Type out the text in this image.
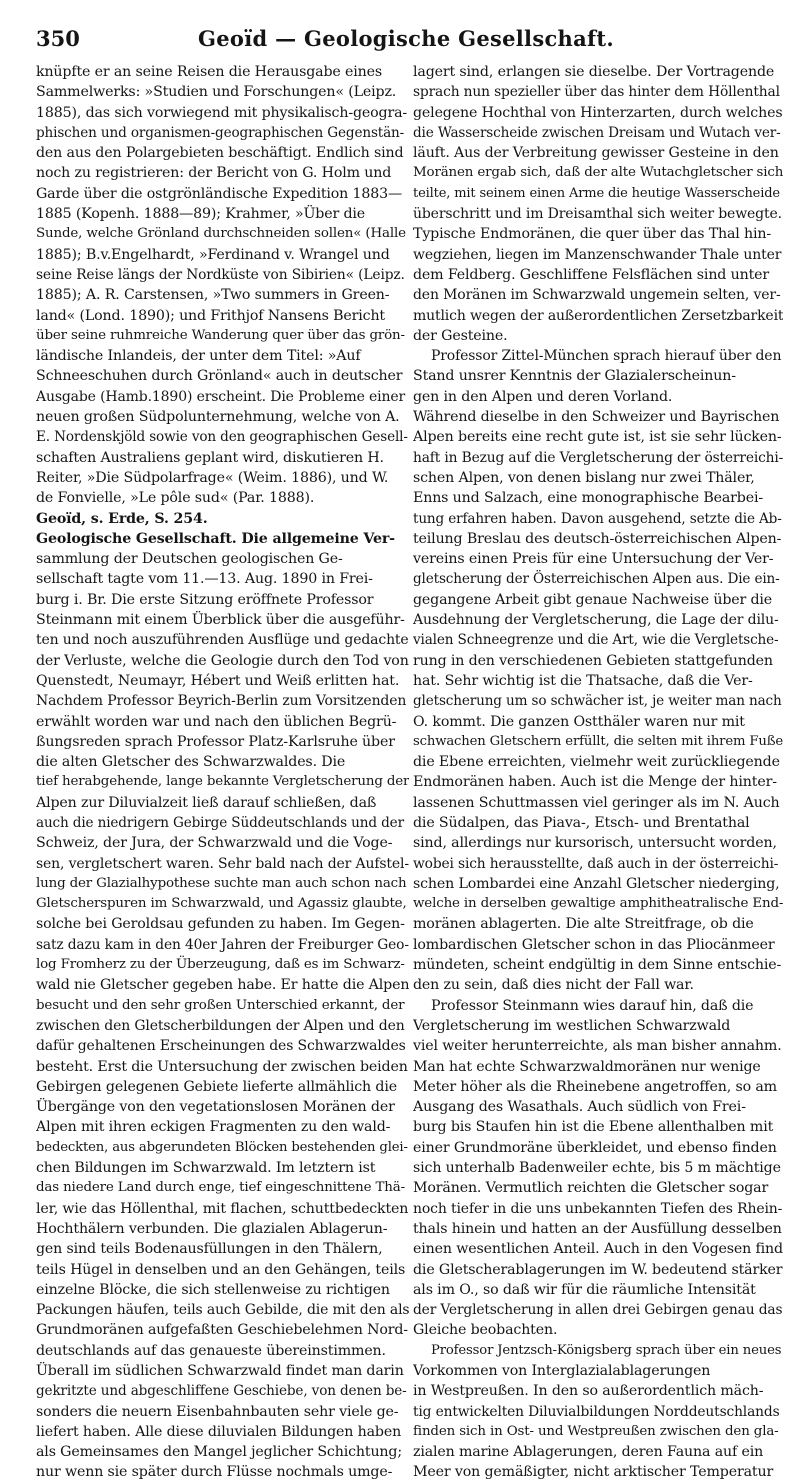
350	Geoïd — Geologische Gesellschaft.
knüpfte er an seine Reisen die Herausgabe eines
Sammelwerks: »Studien und Forschungen« (Leipz.
1885), das sich vorwiegend mit physikalisch-geogra-
phischen und organismen-geographischen Gegenstän-
den aus den Polargebieten beschäftigt. Endlich sind
noch zu registrieren: der Bericht von G. Holm und
Garde über die ostgrönländische Expedition 1883—
1885 (Kopenh. 1888—89); Krahmer, »Über die
Sunde, welche Grönland durchschneiden sollen« (Halle
1885); B.v.Engelhardt, »Ferdinand v. Wrangel und
seine Reise längs der Nordküste von Sibirien« (Leipz.
1885); A. R. Carstensen, »Two summers in Green-
land« (Lond. 1890); und Frithjof Nansens Bericht
über seine ruhmreiche Wanderung quer über das grön-
ländische Inlandeis, der unter dem Titel: »Auf
Schneeschuhen durch Grönland« auch in deutscher
Ausgabe (Hamb.1890) erscheint. Die Probleme einer
neuen großen Südpolunternehmung, welche von A.
E. Nordenskjöld sowie von den geographischen Gesell-
schaften Australiens geplant wird, diskutieren H.
Reiter, »Die Südpolarfrage« (Weim. 1886), und W.
de Fonvielle, »Le pôle sud« (Par. 1888).
Geoïd, s. Erde, S. 254.
Geologische Gesellschaft. Die allgemeine Ver-
sammlung der Deutschen geologischen Ge-
sellschaft tagte vom 11.—13. Aug. 1890 in Frei-
burg i. Br. Die erste Sitzung eröffnete Professor
Steinmann mit einem Überblick über die ausgeführ-
ten und noch auszuführenden Ausflüge und gedachte
der Verluste, welche die Geologie durch den Tod von
Quenstedt, Neumayr, Hébert und Weiß erlitten hat.
Nachdem Professor Beyrich-Berlin zum Vorsitzenden
erwählt worden war und nach den üblichen Begrü-
ßungsreden sprach Professor Platz-Karlsruhe über
die alten Gletscher des Schwarzwaldes. Die
tief herabgehende, lange bekannte Vergletscherung der
Alpen zur Diluvialzeit ließ darauf schließen, daß
auch die niedrigern Gebirge Süddeutschlands und der
Schweiz, der Jura, der Schwarzwald und die Voge-
sen, vergletschert waren. Sehr bald nach der Aufstel-
lung der Glazialhypothese suchte man auch schon nach
Gletscherspuren im Schwarzwald, und Agassiz glaubte,
solche bei Geroldsau gefunden zu haben. Im Gegen-
satz dazu kam in den 40er Jahren der Freiburger Geo-
log Fromherz zu der Überzeugung, daß es im Schwarz-
wald nie Gletscher gegeben habe. Er hatte die Alpen
besucht und den sehr großen Unterschied erkannt, der
zwischen den Gletscherbildungen der Alpen und den
dafür gehaltenen Erscheinungen des Schwarzwaldes
besteht. Erst die Untersuchung der zwischen beiden
Gebirgen gelegenen Gebiete lieferte allmählich die
Übergänge von den vegetationslosen Moränen der
Alpen mit ihren eckigen Fragmenten zu den wald-
bedeckten, aus abgerundeten Blöcken bestehenden glei-
chen Bildungen im Schwarzwald. Im letztern ist
das niedere Land durch enge, tief eingeschnittene Thä-
ler, wie das Höllenthal, mit flachen, schuttbedeckten
Hochthälern verbunden. Die glazialen Ablagerun-
gen sind teils Bodenausfüllungen in den Thälern,
teils Hügel in denselben und an den Gehängen, teils
einzelne Blöcke, die sich stellenweise zu richtigen
Packungen häufen, teils auch Gebilde, die mit den als
Grundmoränen aufgefaßten Geschiebelehmen Nord-
deutschlands auf das genaueste übereinstimmen.
Überall im südlichen Schwarzwald findet man darin
gekritzte und abgeschliffene Geschiebe, von denen be-
sonders die neuern Eisenbahnbauten sehr viele ge-
liefert haben. Alle diese diluvialen Bildungen haben
als Gemeinsames den Mangel jeglicher Schichtung;
nur wenn sie später durch Flüsse nochmals umge-
lagert sind, erlangen sie dieselbe. Der Vortragende
sprach nun spezieller über das hinter dem Höllenthal
gelegene Hochthal von Hinterzarten, durch welches
die Wasserscheide zwischen Dreisam und Wutach ver-
läuft. Aus der Verbreitung gewisser Gesteine in den
Moränen ergab sich, daß der alte Wutachgletscher sich
teilte, mit seinem einen Arme die heutige Wasserscheide
überschritt und im Dreisamthal sich weiter bewegte.
Typische Endmoränen, die quer über das Thal hin-
wegziehen, liegen im Manzenschwander Thale unter
dem Feldberg. Geschliffene Felsflächen sind unter
den Moränen im Schwarzwald ungemein selten, ver-
mutlich wegen der außerordentlichen Zersetzbarkeit
der Gesteine.
Professor Zittel-München sprach hierauf über den
Stand unsrer Kenntnis der Glazialerscheinun-
gen in den Alpen und deren Vorland.
Während dieselbe in den Schweizer und Bayrischen
Alpen bereits eine recht gute ist, ist sie sehr lücken-
haft in Bezug auf die Vergletscherung der österreichi-
schen Alpen, von denen bislang nur zwei Thäler,
Enns und Salzach, eine monographische Bearbei-
tung erfahren haben. Davon ausgehend, setzte die Ab-
teilung Breslau des deutsch-österreichischen Alpen-
vereins einen Preis für eine Untersuchung der Ver-
gletscherung der Österreichischen Alpen aus. Die ein-
gegangene Arbeit gibt genaue Nachweise über die
Ausdehnung der Vergletscherung, die Lage der dilu-
vialen Schneegrenze und die Art, wie die Vergletsche-
rung in den verschiedenen Gebieten stattgefunden
hat. Sehr wichtig ist die Thatsache, daß die Ver-
gletscherung um so schwächer ist, je weiter man nach
O. kommt. Die ganzen Ostthäler waren nur mit
schwachen Gletschern erfüllt, die selten mit ihrem Fuße
die Ebene erreichten, vielmehr weit zurückliegende
Endmoränen haben. Auch ist die Menge der hinter-
lassenen Schuttmassen viel geringer als im N. Auch
die Südalpen, das Piava-, Etsch- und Brentathal
sind, allerdings nur kursorisch, untersucht worden,
wobei sich herausstellte, daß auch in der österreichi-
schen Lombardei eine Anzahl Gletscher niederging,
welche in derselben gewaltige amphitheatralische End-
moränen ablagerten. Die alte Streitfrage, ob die
lombardischen Gletscher schon in das Pliocänmeer
mündeten, scheint endgültig in dem Sinne entschie-
den zu sein, daß dies nicht der Fall war.
Professor Steinmann wies darauf hin, daß die
Vergletscherung im westlichen Schwarzwald
viel weiter herunterreichte, als man bisher annahm.
Man hat echte Schwarzwaldmoränen nur wenige
Meter höher als die Rheinebene angetroffen, so am
Ausgang des Wasathals. Auch südlich von Frei-
burg bis Staufen hin ist die Ebene allenthalben mit
einer Grundmoräne überkleidet, und ebenso finden
sich unterhalb Badenweiler echte, bis 5 m mächtige
Moränen. Vermutlich reichten die Gletscher sogar
noch tiefer in die uns unbekannten Tiefen des Rhein-
thals hinein und hatten an der Ausfüllung desselben
einen wesentlichen Anteil. Auch in den Vogesen find
die Gletscherablagerungen im W. bedeutend stärker
als im O., so daß wir für die räumliche Intensität
der Vergletscherung in allen drei Gebirgen genau das
Gleiche beobachten.
Professor Jentzsch-Königsberg sprach über ein neues
Vorkommen von Interglazialablagerungen
in Westpreußen. In den so außerordentlich mäch-
tig entwickelten Diluvialbildungen Norddeutschlands
finden sich in Ost- und Westpreußen zwischen den gla-
zialen marine Ablagerungen, deren Fauna auf ein
Meer von gemäßigter, nicht arktischer Temperatur
